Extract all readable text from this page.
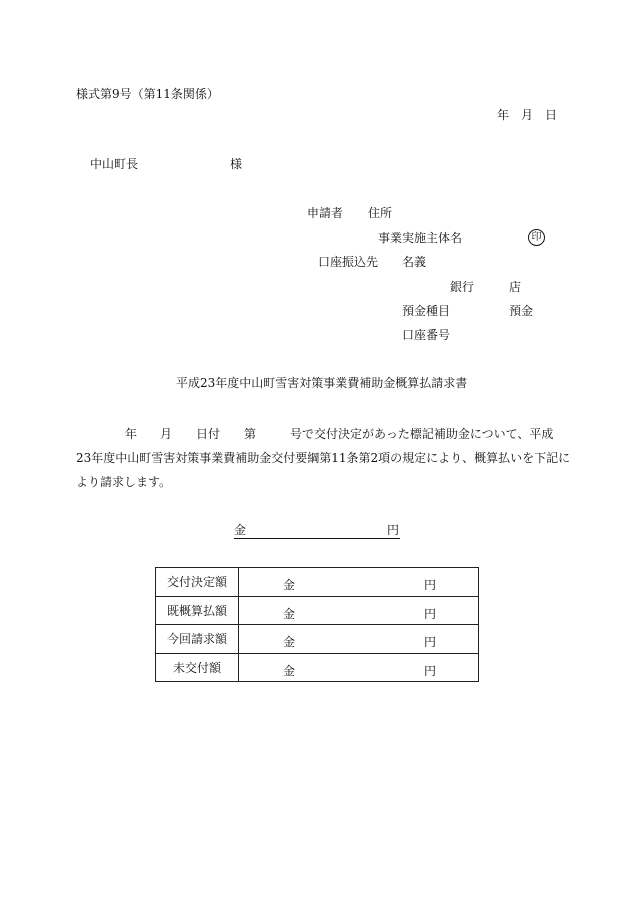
様式第9号（第11条関係）
年　月　日
中山町長	様
申請者 住所
事業実施主体名	印
口座振込先 名義
銀行	店
預金種目	預金
口座番号
平成23年度中山町雪害対策事業費補助金概算払請求書
年 月 日付 第	号で交付決定があった標記補助金について、平成
23年度中山町雪害対策事業費補助金交付要綱第11条第2項の規定により、概算払いを下記に
より請求します。
金	円
交付決定額	金 円

既概算払額	金 円

今回請求額	金 円

未交付額	金 円
